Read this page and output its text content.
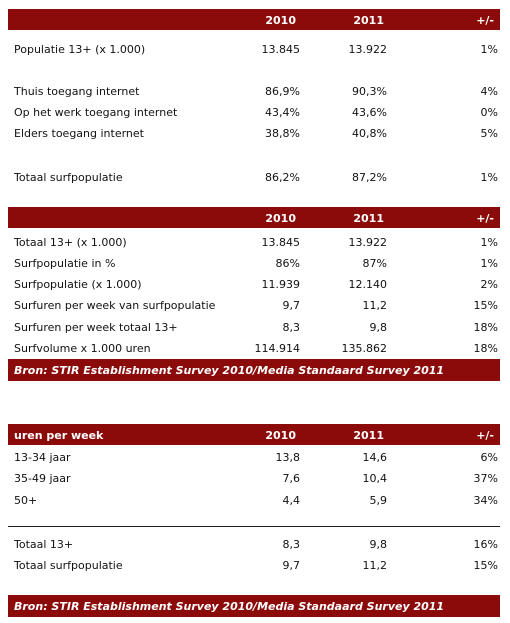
2010	2011	+/-
Populatie 13+ (x 1.000)	13.845	13.922	1%
Thuis toegang internet	86,9%	90,3%	4%
Op het werk toegang internet	43,4%	43,6%	0%
Elders toegang internet	38,8%	40,8%	5%
Totaal surfpopulatie	86,2%	87,2%	1%
2010	2011	+/-
Totaal 13+ (x 1.000)	13.845	13.922	1%
Surfpopulatie in %	86%	87%	1%
Surfpopulatie (x 1.000)	11.939	12.140	2%
Surfuren per week van surfpopulatie	9,7	11,2	15%
Surfuren per week totaal 13+	8,3	9,8	18%
Surfvolume x 1.000 uren	114.914	135.862	18%
Bron: STIR Establishment Survey 2010/Media Standaard Survey 2011
uren per week	2010	2011	+/-
13-34 jaar	13,8	14,6	6%
35-49 jaar	7,6	10,4	37%
50+	4,4	5,9	34%
Totaal 13+	8,3	9,8	16%
Totaal surfpopulatie	9,7	11,2	15%
Bron: STIR Establishment Survey 2010/Media Standaard Survey 2011
